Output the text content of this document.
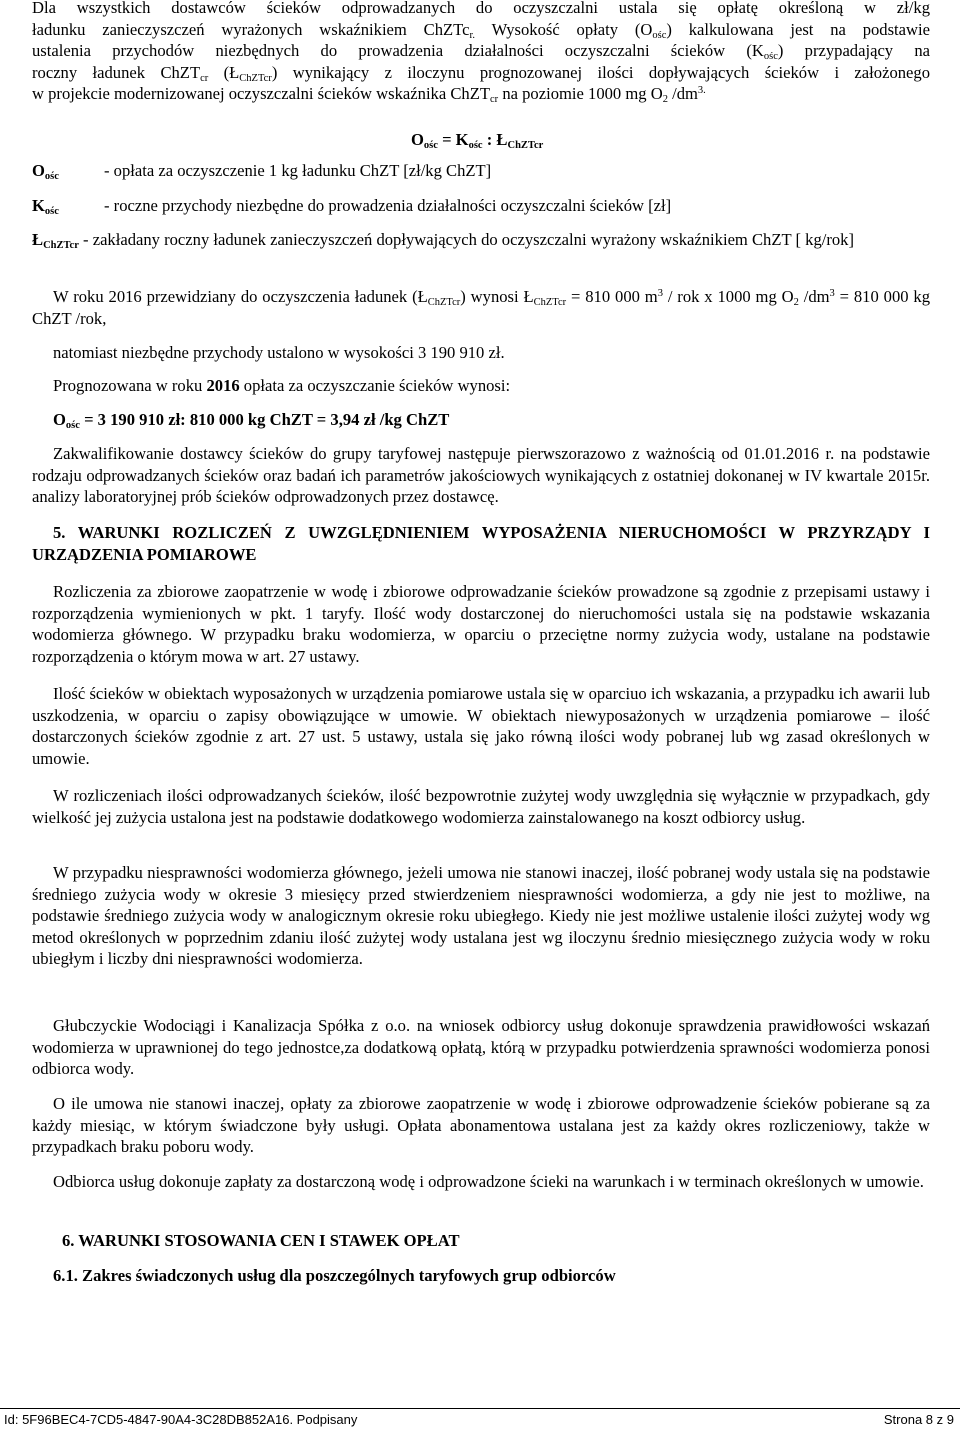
Dla wszystkich dostawców ścieków odprowadzanych do oczyszczalni ustala się opłatę określoną w zł/kg
ładunku zanieczyszczeń wyrażonych wskaźnikiem ChZTc$_{r.}$ Wysokość opłaty $(O_{ośc})$ kalkulowana jest na podstawie
ustalenia przychodów niezbędnych do prowadzenia działalności oczyszczalni ścieków $(K_{ośc})$ przypadający na
roczny ładunek ChZT$_{cr}$ $(Ł_{ChZTcr})$ wynikający z iloczynu prognozowanej ilości dopływających ścieków i założonego
w projekcie modernizowanej oczyszczalni ścieków wskaźnika ChZT$_{cr}$ na poziomie 1000 mg $O_2$ $/dm^{3.}$
$O_{ośc} = K_{ośc}$ : $Ł_{ChZTcr}$
$O_{ośc}$	- opłata za oczyszczenie 1 kg ładunku ChZT [zł/kg ChZT]
$K_{ośc}$	- roczne przychody niezbędne do prowadzenia działalności oczyszczalni ścieków [zł]
$Ł_{ChZTcr}$ - zakładany roczny ładunek zanieczyszczeń dopływających do oczyszczalni wyrażony wskaźnikiem ChZT [ kg/rok]
W roku 2016 przewidziany do oczyszczenia ładunek $(Ł_{ChZTcr})$ wynosi $Ł_{ChZTcr} = 810$ 000 $m^3$ / rok x 1000 mg $O_2$ $/dm^3 = 810$ 000 kg ChZT /rok,
natomiast niezbędne przychody ustalono w wysokości 3 190 910 zł.
Prognozowana w roku 2016 opłata za oczyszczanie ścieków wynosi:
$O_{ośc} = 3$ 190 910 zł: 810 000 kg ChZT = 3,94 zł /kg ChZT
Zakwalifikowanie dostawcy ścieków do grupy taryfowej następuje pierwszorazowo z ważnością od 01.01.2016 r. na podstawie rodzaju odprowadzanych ścieków oraz badań ich parametrów jakościowych wynikających z ostatniej dokonanej w IV kwartale 2015r. analizy laboratoryjnej prób ścieków odprowadzonych przez dostawcę.
5. WARUNKI ROZLICZEŃ Z UWZGLĘDNIENIEM WYPOSAŻENIA NIERUCHOMOŚCI W PRZYRZĄDY I URZĄDZENIA POMIAROWE
Rozliczenia za zbiorowe zaopatrzenie w wodę i zbiorowe odprowadzanie ścieków prowadzone są zgodnie z przepisami ustawy i rozporządzenia wymienionych w pkt. 1 taryfy. Ilość wody dostarczonej do nieruchomości ustala się na podstawie wskazania wodomierza głównego. W przypadku braku wodomierza, w oparciu o przeciętne normy zużycia wody, ustalane na podstawie rozporządzenia o którym mowa w art. 27 ustawy.
Ilość ścieków w obiektach wyposażonych w urządzenia pomiarowe ustala się w oparciuo ich wskazania, a przypadku ich awarii lub uszkodzenia, w oparciu o zapisy obowiązujące w umowie. W obiektach niewyposażonych w urządzenia pomiarowe – ilość dostarczonych ścieków zgodnie z art. 27 ust. 5 ustawy, ustala się jako równą ilości wody pobranej lub wg zasad określonych w umowie.
W rozliczeniach ilości odprowadzanych ścieków, ilość bezpowrotnie zużytej wody uwzględnia się wyłącznie w przypadkach, gdy wielkość jej zużycia ustalona jest na podstawie dodatkowego wodomierza zainstalowanego na koszt odbiorcy usług.
W przypadku niesprawności wodomierza głównego, jeżeli umowa nie stanowi inaczej, ilość pobranej wody ustala się na podstawie średniego zużycia wody w okresie 3 miesięcy przed stwierdzeniem niesprawności wodomierza, a gdy nie jest to możliwe, na podstawie średniego zużycia wody w analogicznym okresie roku ubiegłego. Kiedy nie jest możliwe ustalenie ilości zużytej wody wg metod określonych w poprzednim zdaniu ilość zużytej wody ustalana jest wg iloczynu średnio miesięcznego zużycia wody w roku ubiegłym i liczby dni niesprawności wodomierza.
Głubczyckie Wodociągi i Kanalizacja Spółka z o.o. na wniosek odbiorcy usług dokonuje sprawdzenia prawidłowości wskazań wodomierza w uprawnionej do tego jednostce,za dodatkową opłatą, którą w przypadku potwierdzenia sprawności wodomierza ponosi odbiorca wody.
O ile umowa nie stanowi inaczej, opłaty za zbiorowe zaopatrzenie w wodę i zbiorowe odprowadzenie ścieków pobierane są za każdy miesiąc, w którym świadczone były usługi. Opłata abonamentowa ustalana jest za każdy okres rozliczeniowy, także w przypadkach braku poboru wody.
Odbiorca usług dokonuje zapłaty za dostarczoną wodę i odprowadzone ścieki na warunkach i w terminach określonych w umowie.
6. WARUNKI STOSOWANIA CEN I STAWEK OPŁAT
6.1. Zakres świadczonych usług dla poszczególnych taryfowych grup odbiorców
Id: 5F96BEC4-7CD5-4847-90A4-3C28DB852A16. Podpisany	Strona 8 z 9
